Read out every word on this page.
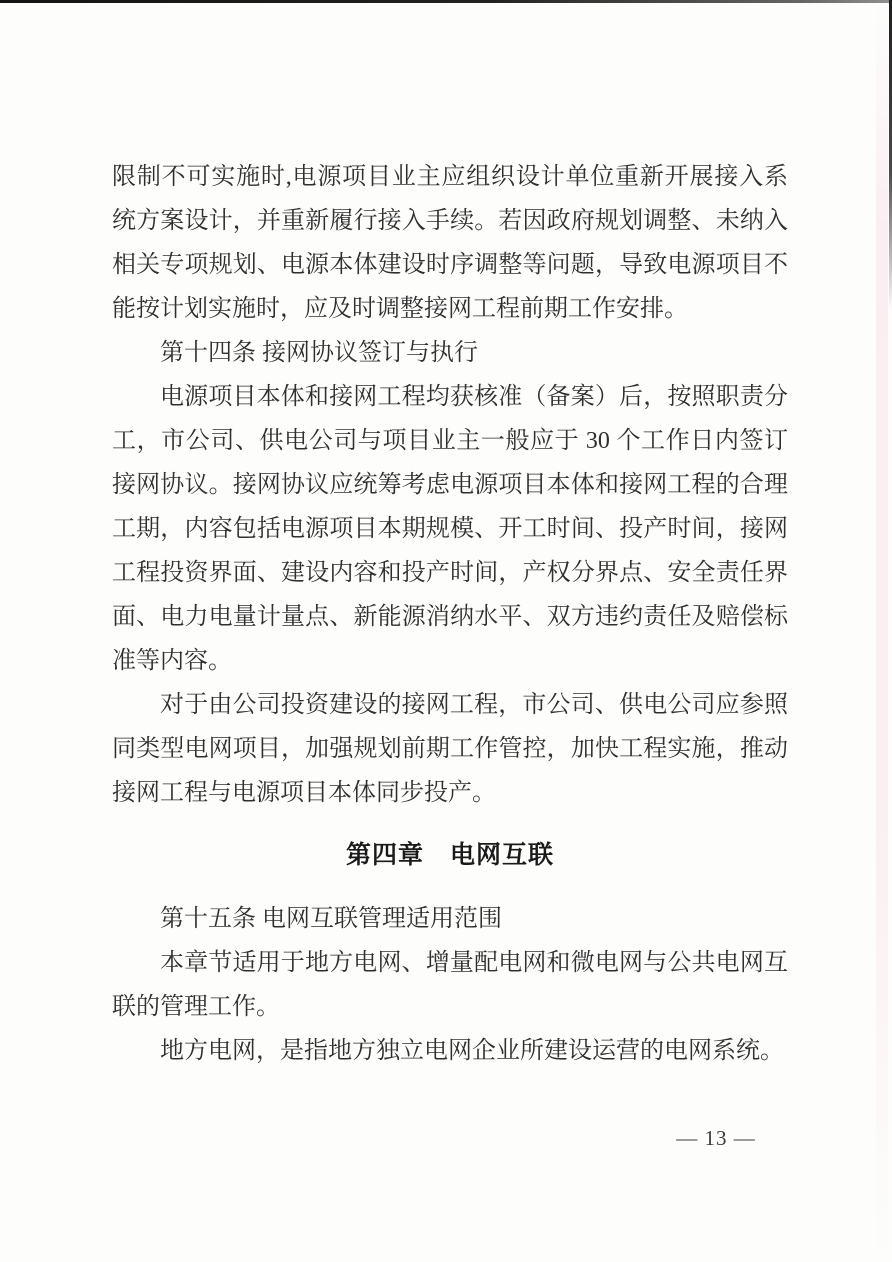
限制不可实施时,电源项目业主应组织设计单位重新开展接入系

统方案设计，并重新履行接入手续。若因政府规划调整、未纳入

相关专项规划、电源本体建设时序调整等问题，导致电源项目不

能按计划实施时，应及时调整接网工程前期工作安排。

第十四条 接网协议签订与执行

电源项目本体和接网工程均获核准（备案）后，按照职责分

工，市公司、供电公司与项目业主一般应于 30 个工作日内签订

接网协议。接网协议应统筹考虑电源项目本体和接网工程的合理

工期，内容包括电源项目本期规模、开工时间、投产时间，接网

工程投资界面、建设内容和投产时间，产权分界点、安全责任界

面、电力电量计量点、新能源消纳水平、双方违约责任及赔偿标

准等内容。

对于由公司投资建设的接网工程，市公司、供电公司应参照

同类型电网项目，加强规划前期工作管控，加快工程实施，推动

接网工程与电源项目本体同步投产。

第四章　电网互联

第十五条 电网互联管理适用范围

本章节适用于地方电网、增量配电网和微电网与公共电网互

联的管理工作。

地方电网，是指地方独立电网企业所建设运营的电网系统。

— 13 —
